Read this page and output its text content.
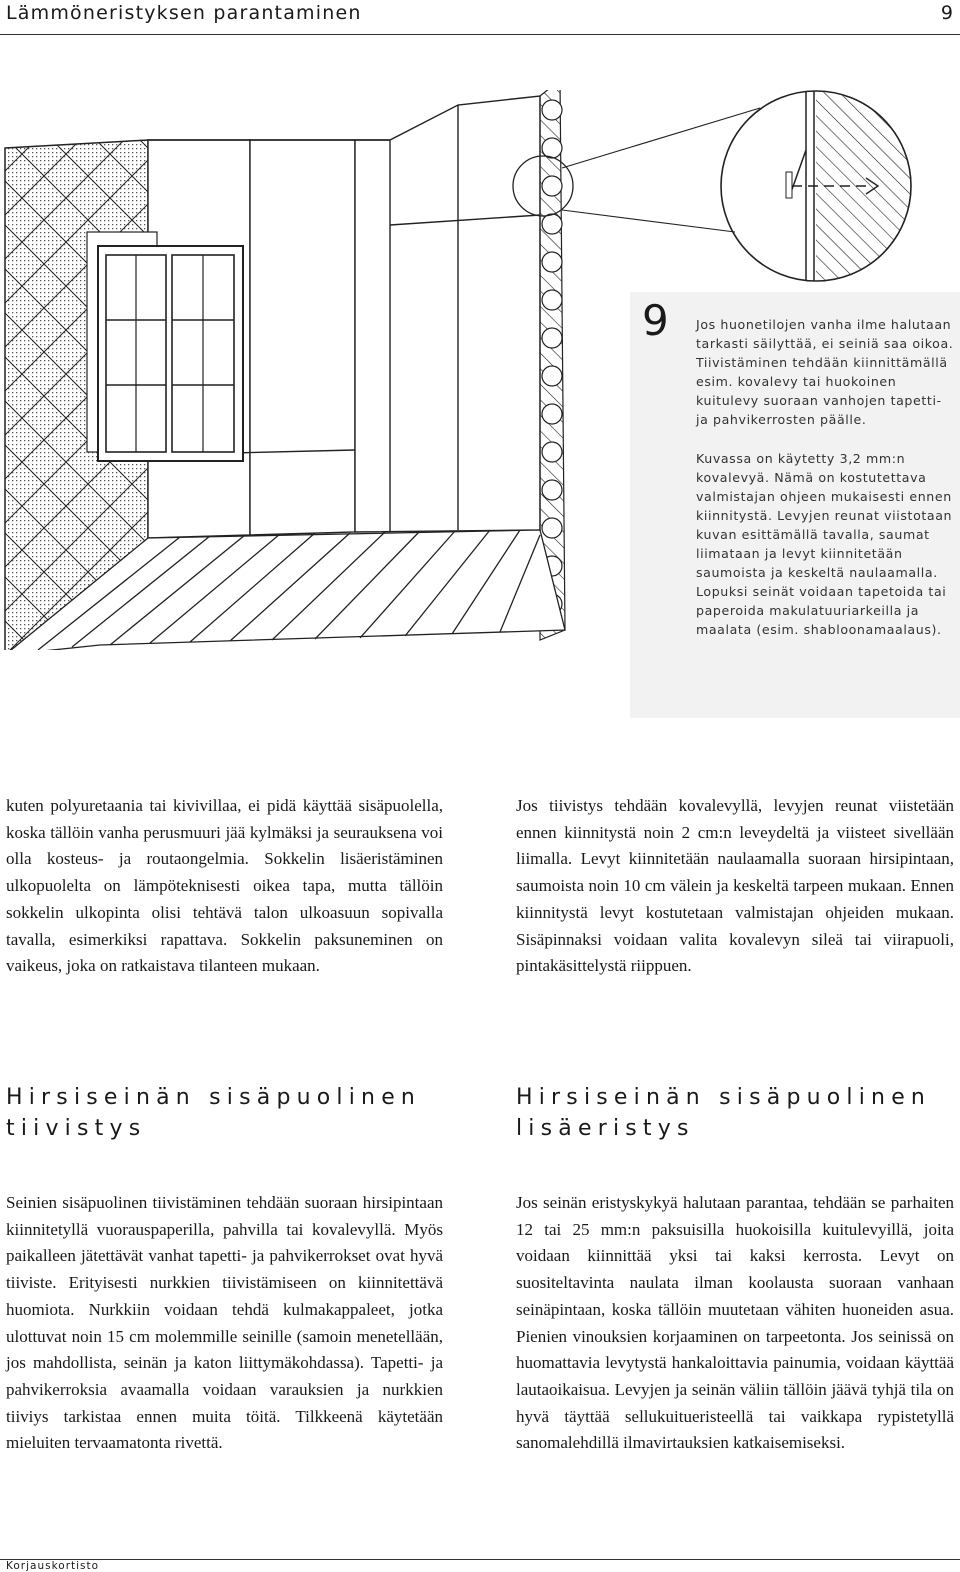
Lämmöneristyksen parantaminen	9
9 Jos huonetilojen vanha ilme halutaan tarkasti säilyttää, ei seiniä saa oikoa. Tiivistäminen tehdään kiinnittämällä esim. kovalevy tai huokoinen kuitulevy suoraan vanhojen tapetti- ja pahvikerrosten päälle.

Kuvassa on käytetty 3,2 mm:n kovalevyä. Nämä on kostutettava valmistajan ohjeen mukaisesti ennen kiinnitystä. Levyjen reunat viistotaan kuvan esittämällä tavalla, saumat liimataan ja levyt kiinnitetään saumoista ja keskeltä naulaamalla. Lopuksi seinät voidaan tapetoida tai paperoida makulatuuriarkeilla ja maalata (esim. shabloonamaalaus).

kuten polyuretaania tai kivivillaa, ei pidä käyttää sisäpuolella, koska tällöin vanha perusmuuri jää kylmäksi ja seurauksena voi olla kosteus- ja routaongelmia. Sokkelin lisäeristäminen ulkopuolelta on lämpöteknisesti oikea tapa, mutta tällöin sokkelin ulkopinta olisi tehtävä talon ulkoasuun sopivalla tavalla, esimerkiksi rapattava. Sokkelin paksuneminen on vaikeus, joka on ratkaistava tilanteen mukaan.

Jos tiivistys tehdään kovalevyllä, levyjen reunat viistetään ennen kiinnitystä noin 2 cm:n leveydeltä ja viisteet sivellään liimalla. Levyt kiinnitetään naulaamalla suoraan hirsipintaan, saumoista noin 10 cm välein ja keskeltä tarpeen mukaan. Ennen kiinnitystä levyt kostutetaan valmistajan ohjeiden mukaan. Sisäpinnaksi voidaan valita kovalevyn sileä tai viirapuoli, pintakäsittelystä riippuen.

Hirsiseinän sisäpuolinen
tiivistys
Hirsiseinän sisäpuolinen
lisäeristys

Seinien sisäpuolinen tiivistäminen tehdään suoraan hirsipintaan kiinnitetyllä vuorauspaperilla, pahvilla tai kovalevyllä. Myös paikalleen jätettävät vanhat tapetti- ja pahvikerrokset ovat hyvä tiiviste. Erityisesti nurkkien tiivistämiseen on kiinnitettävä huomiota. Nurkkiin voidaan tehdä kulmakappaleet, jotka ulottuvat noin 15 cm molemmille seinille (samoin menetellään, jos mahdollista, seinän ja katon liittymäkohdassa). Tapetti- ja pahvikerroksia avaamalla voidaan varauksien ja nurkkien tiiviys tarkistaa ennen muita töitä. Tilkkeenä käytetään mieluiten tervaamatonta rivettä.

Jos seinän eristyskykyä halutaan parantaa, tehdään se parhaiten 12 tai 25 mm:n paksuisilla huokoisilla kuitulevyillä, joita voidaan kiinnittää yksi tai kaksi kerrosta. Levyt on suositeltavinta naulata ilman koolausta suoraan vanhaan seinäpintaan, koska tällöin muutetaan vähiten huoneiden asua. Pienien vinouksien korjaaminen on tarpeetonta. Jos seinissä on huomattavia levytystä hankaloittavia painumia, voidaan käyttää lautaoikaisua. Levyjen ja seinän väliin tällöin jäävä tyhjä tila on hyvä täyttää sellukuitueristeellä tai vaikkapa rypistetyllä sanomalehdillä ilmavirtauksien katkaisemiseksi.

Korjauskortisto
